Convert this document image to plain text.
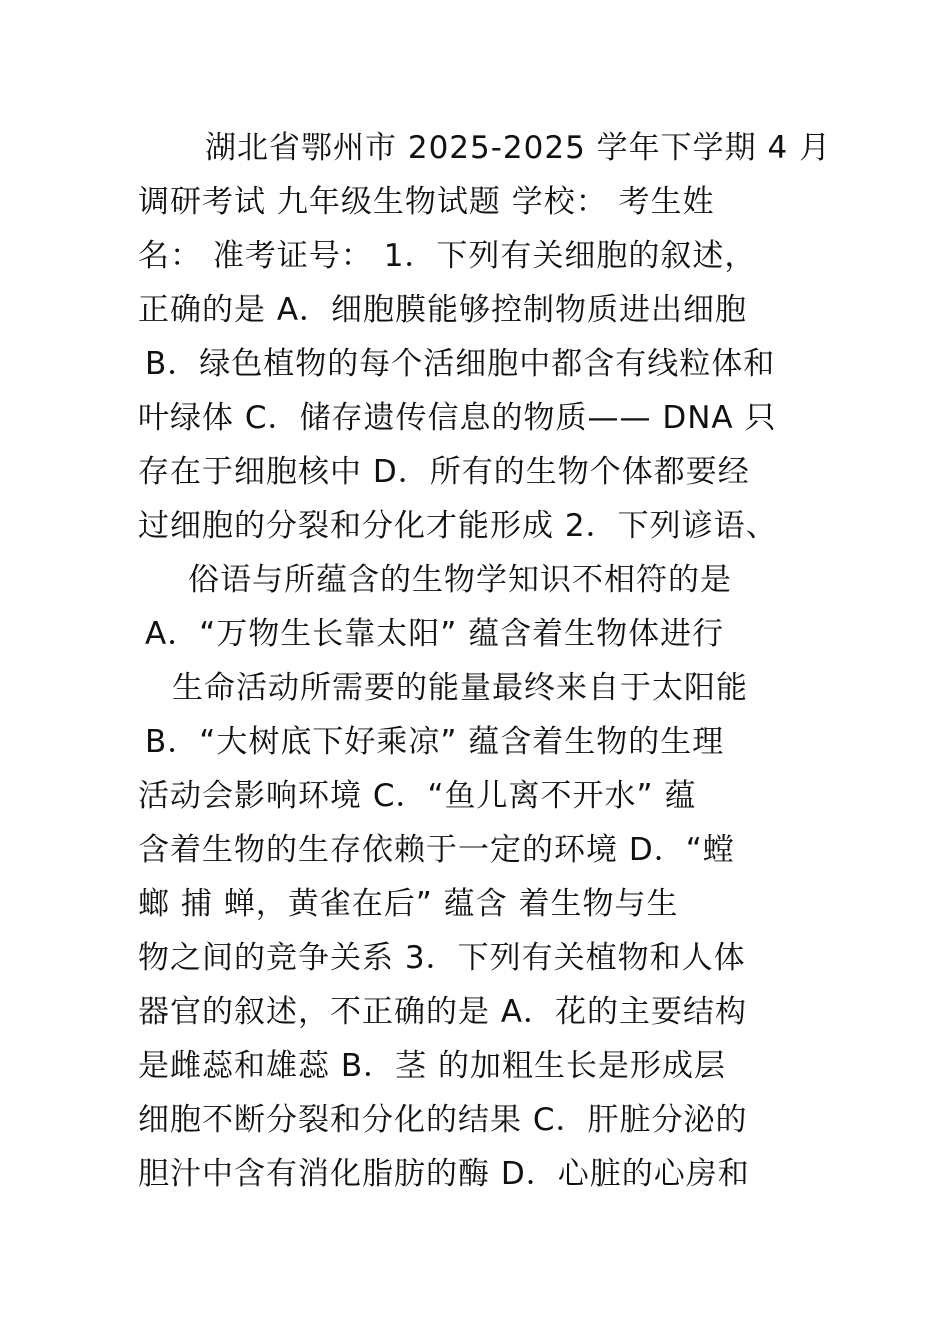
湖北省鄂州市 2025-2025 学年下学期 4 月
调研考试 九年级生物试题 学校： 考生姓
名： 准考证号： 1．下列有关细胞的叙述，
正确的是 A．细胞膜能够控制物质进出细胞
B．绿色植物的每个活细胞中都含有线粒体和
叶绿体 C．储存遗传信息的物质—— DNA 只
存在于细胞核中 D．所有的生物个体都要经
过细胞的分裂和分化才能形成 2．下列谚语、
俗语与所蕴含的生物学知识不相符的是
A．“万物生长靠太阳” 蕴含着生物体进行
生命活动所需要的能量最终来自于太阳能
B．“大树底下好乘凉” 蕴含着生物的生理
活动会影响环境 C．“鱼儿离不开水” 蕴
含着生物的生存依赖于一定的环境 D．“螳
螂 捕 蝉，黄雀在后” 蕴含 着生物与生
物之间的竞争关系 3．下列有关植物和人体
器官的叙述，不正确的是 A．花的主要结构
是雌蕊和雄蕊 B．茎 的加粗生长是形成层
细胞不断分裂和分化的结果 C．肝脏分泌的
胆汁中含有消化脂肪的酶 D．心脏的心房和
